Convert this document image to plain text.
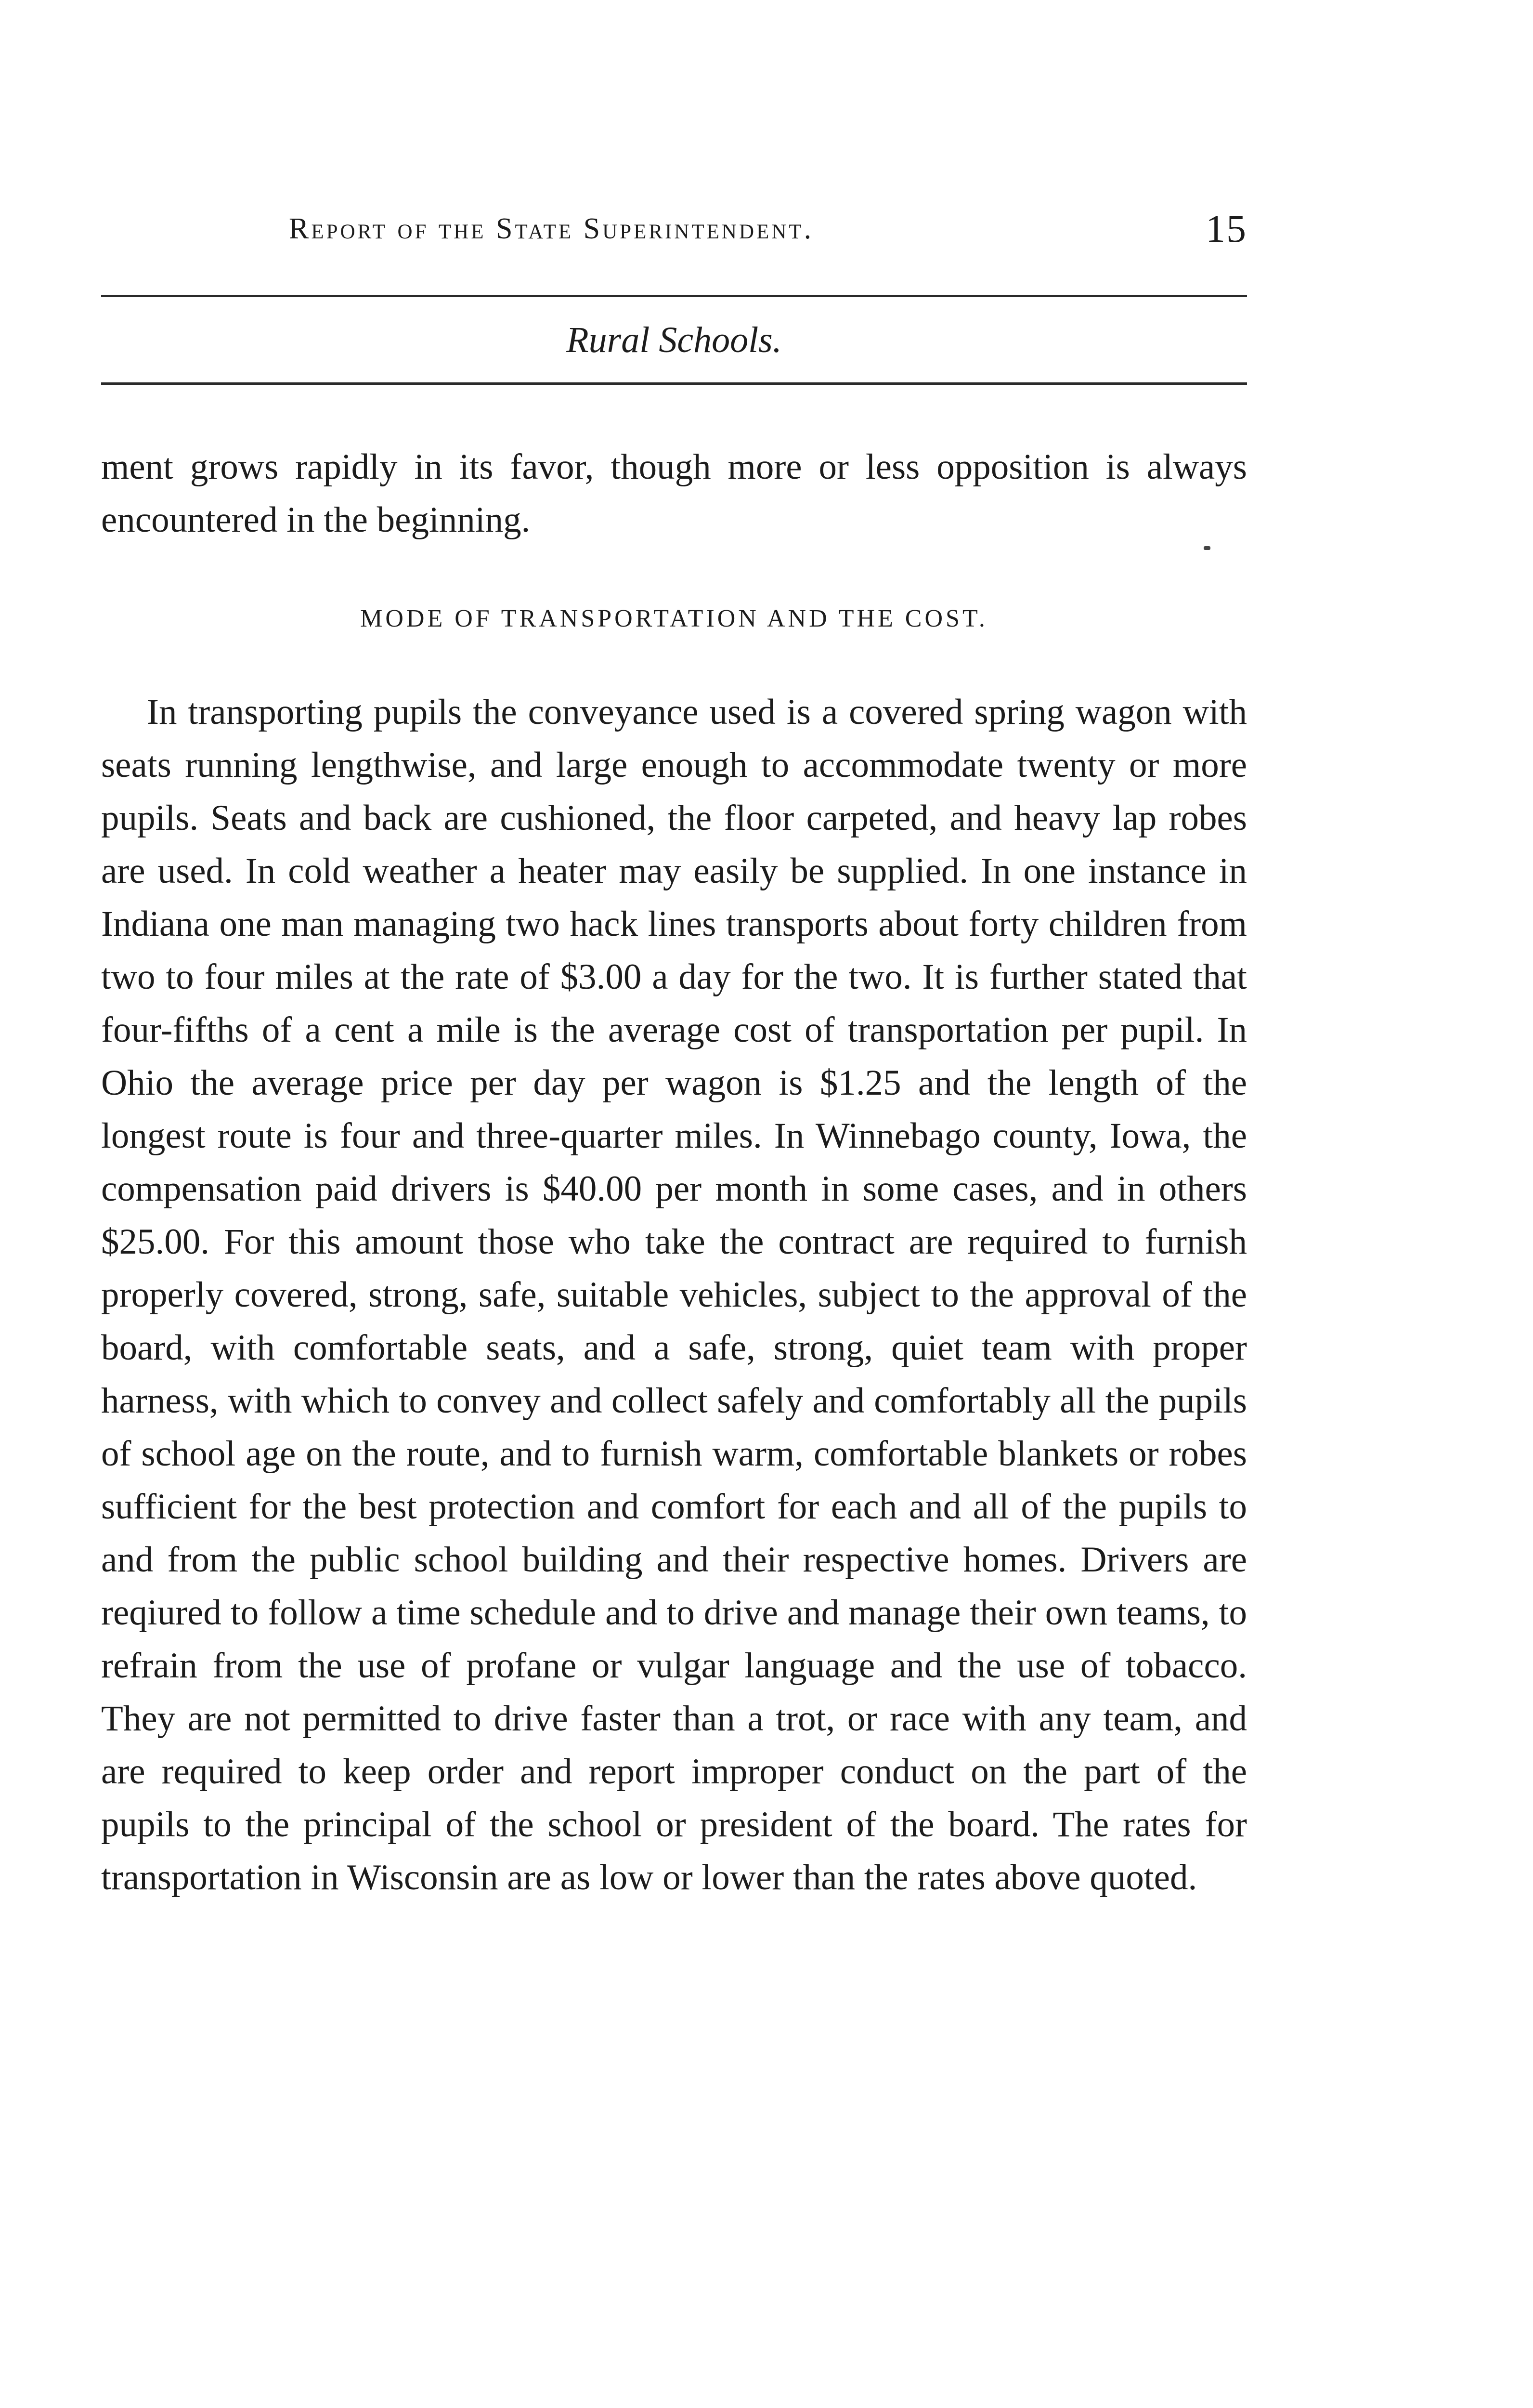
Report of the State Superintendent.	15
Rural Schools.

ment grows rapidly in its favor, though more or less opposition is always encountered in the beginning.

MODE OF TRANSPORTATION AND THE COST.

In transporting pupils the conveyance used is a covered spring wagon with seats running lengthwise, and large enough to accommodate twenty or more pupils. Seats and back are cushioned, the floor carpeted, and heavy lap robes are used. In cold weather a heater may easily be supplied. In one instance in Indiana one man managing two hack lines transports about forty children from two to four miles at the rate of $3.00 a day for the two. It is further stated that four-fifths of a cent a mile is the average cost of transportation per pupil. In Ohio the average price per day per wagon is $1.25 and the length of the longest route is four and three-quarter miles. In Winnebago county, Iowa, the compensation paid drivers is $40.00 per month in some cases, and in others $25.00. For this amount those who take the contract are required to furnish properly covered, strong, safe, suitable vehicles, subject to the approval of the board, with comfortable seats, and a safe, strong, quiet team with proper harness, with which to convey and collect safely and comfortably all the pupils of school age on the route, and to furnish warm, comfortable blankets or robes sufficient for the best protection and comfort for each and all of the pupils to and from the public school building and their respective homes. Drivers are reqiured to follow a time schedule and to drive and manage their own teams, to refrain from the use of profane or vulgar language and the use of tobacco. They are not permitted to drive faster than a trot, or race with any team, and are required to keep order and report improper conduct on the part of the pupils to the principal of the school or president of the board. The rates for transportation in Wisconsin are as low or lower than the rates above quoted.
